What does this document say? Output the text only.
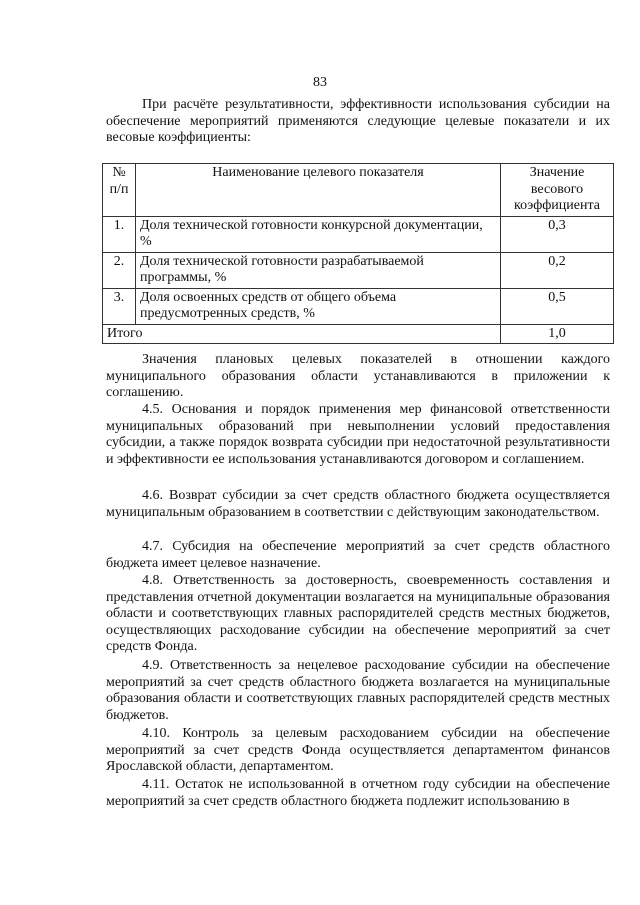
83

При расчёте результативности, эффективности использования субсидии на обеспечение мероприятий применяются следующие целевые показатели и их весовые коэффициенты:

№ п/п	Наименование целевого показателя	Значение весового коэффициента
1.	Доля технической готовности конкурсной документации, %	0,3
2.	Доля технической готовности разрабатываемой программы, %	0,2
3.	Доля освоенных средств от общего объема предусмотренных средств, %	0,5
Итого		1,0

Значения плановых целевых показателей в отношении каждого муниципального образования области устанавливаются в приложении к соглашению.

4.5. Основания и порядок применения мер финансовой ответственности муниципальных образований при невыполнении условий предоставления субсидии, а также порядок возврата субсидии при недостаточной результативности и эффективности ее использования устанавливаются договором и соглашением.

4.6. Возврат субсидии за счет средств областного бюджета осуществляется муниципальным образованием в соответствии с действующим законодательством.

4.7. Субсидия на обеспечение мероприятий за счет средств областного бюджета имеет целевое назначение.

4.8. Ответственность за достоверность, своевременность составления и представления отчетной документации возлагается на муниципальные образования области и соответствующих главных распорядителей средств местных бюджетов, осуществляющих расходование субсидии на обеспечение мероприятий за счет средств Фонда.

4.9. Ответственность за нецелевое расходование субсидии на обеспечение мероприятий за счет средств областного бюджета возлагается на муниципальные образования области и соответствующих главных распорядителей средств местных бюджетов.

4.10. Контроль за целевым расходованием субсидии на обеспечение мероприятий за счет средств Фонда осуществляется департаментом финансов Ярославской области, департаментом.

4.11. Остаток не использованной в отчетном году субсидии на обеспечение мероприятий за счет средств областного бюджета подлежит использованию в
